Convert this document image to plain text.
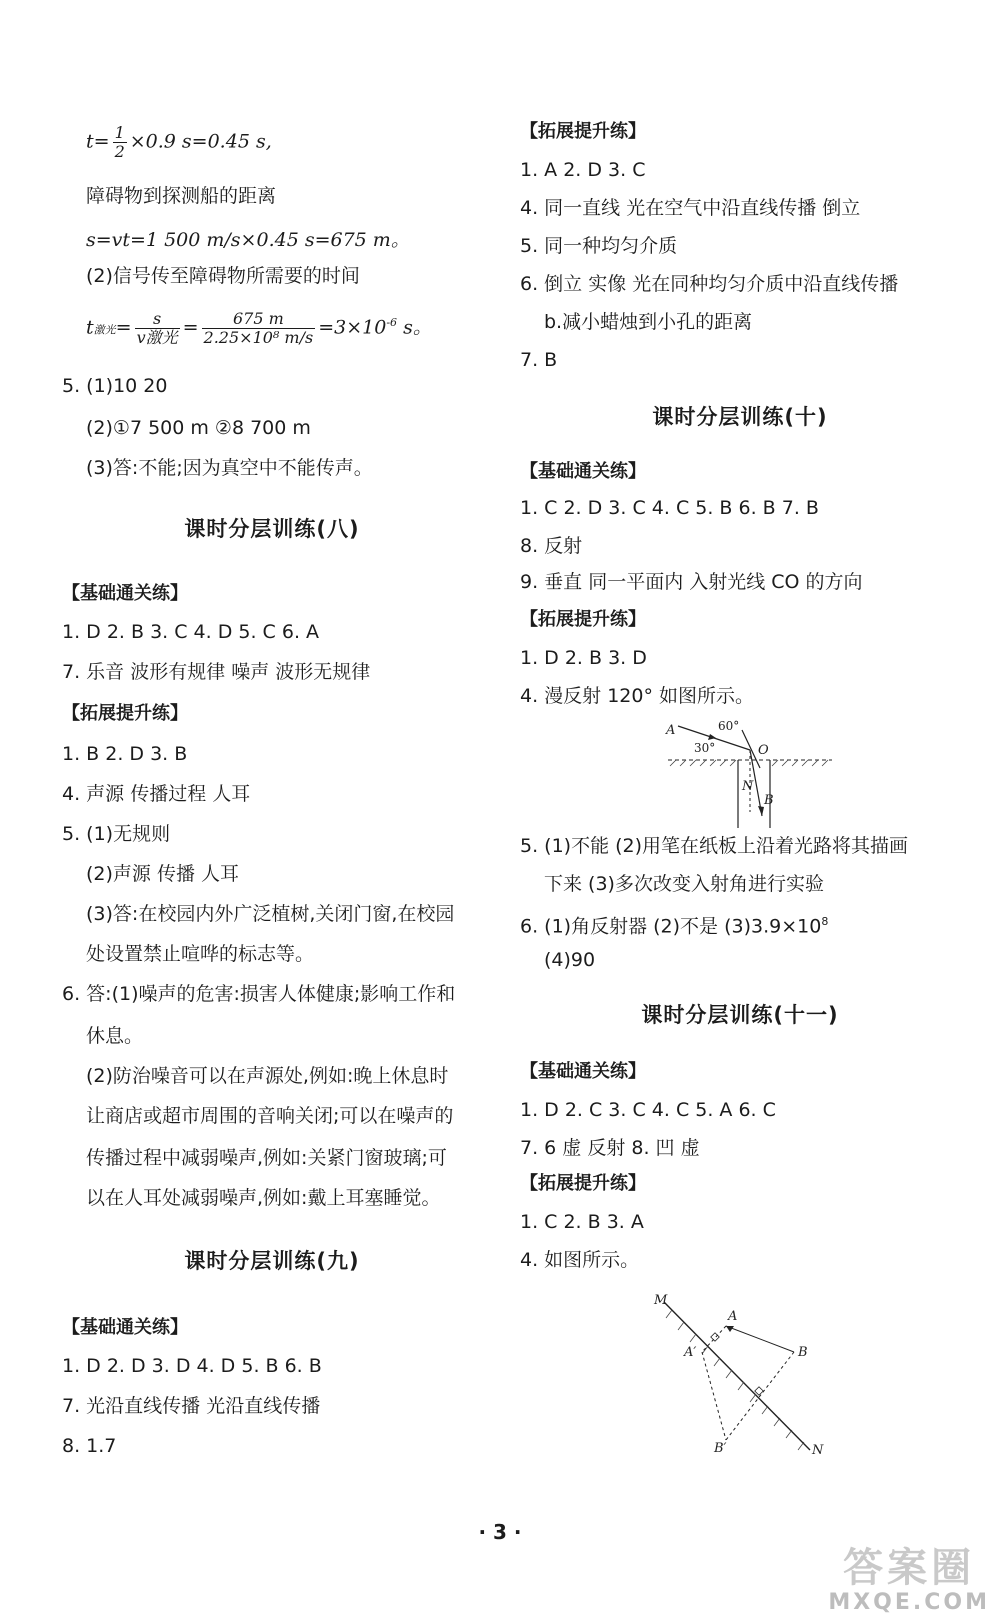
$t= \frac{1}{2} \times 0.9$ s=0.45 s,
障碍物到探测船的距离
s=vt=1 500 m/s×0.45 s=675 m。
(2)信号传至障碍物所需要的时间
t激光= $\frac{s}{\text{v激光}} = \frac{675 m}{\text{2.25×10⁸ m/s}} =3\times 10^{-6}$ s。
5. (1)10 20
(2)①7 500 m ②8 700 m
(3)答:不能;因为真空中不能传声。
课时分层训练(八)
【基础通关练】
1. D 2. B 3. C 4. D 5. C 6. A
7. 乐音 波形有规律 噪声 波形无规律
【拓展提升练】
1. B 2. D 3. B
4. 声源 传播过程 人耳
5. (1)无规则
(2)声源 传播 人耳
(3)答:在校园内外广泛植树,关闭门窗,在校园
处设置禁止喧哗的标志等。
6. 答:(1)噪声的危害:损害人体健康;影响工作和
休息。
(2)防治噪音可以在声源处,例如:晚上休息时
让商店或超市周围的音响关闭;可以在噪声的
传播过程中减弱噪声,例如:关紧门窗玻璃;可
以在人耳处减弱噪声,例如:戴上耳塞睡觉。
课时分层训练(九)
【基础通关练】
1. D 2. D 3. D 4. D 5. B 6. B
7. 光沿直线传播 光沿直线传播
8. 1.7
【拓展提升练】
1. A 2. D 3. C
4. 同一直线 光在空气中沿直线传播 倒立
5. 同一种均匀介质
6. 倒立 实像 光在同种均匀介质中沿直线传播
b.减小蜡烛到小孔的距离
7. B
课时分层训练(十)
【基础通关练】
1. C 2. D 3. C 4. C 5. B 6. B 7. B
8. 反射
9. 垂直 同一平面内 入射光线 CO 的方向
【拓展提升练】
1. D 2. B 3. D
4. 漫反射 120° 如图所示。
A
O
N
B
60°
30°
5. (1)不能 (2)用笔在纸板上沿着光路将其描画
下来 (3)多次改变入射角进行实验
6. (1)角反射器 (2)不是 $(3)3.9\times 10^8$
(4)90
课时分层训练(十一)
【基础通关练】
1. D 2. C 3. C 4. C 5. A 6. C
7. 6 虚 反射 8. 凹 虚
【拓展提升练】
1. C 2. B 3. A
4. 如图所示。
M
N
A
A′	B
B′
· 3 ·
答案圈
MXQE.COM
